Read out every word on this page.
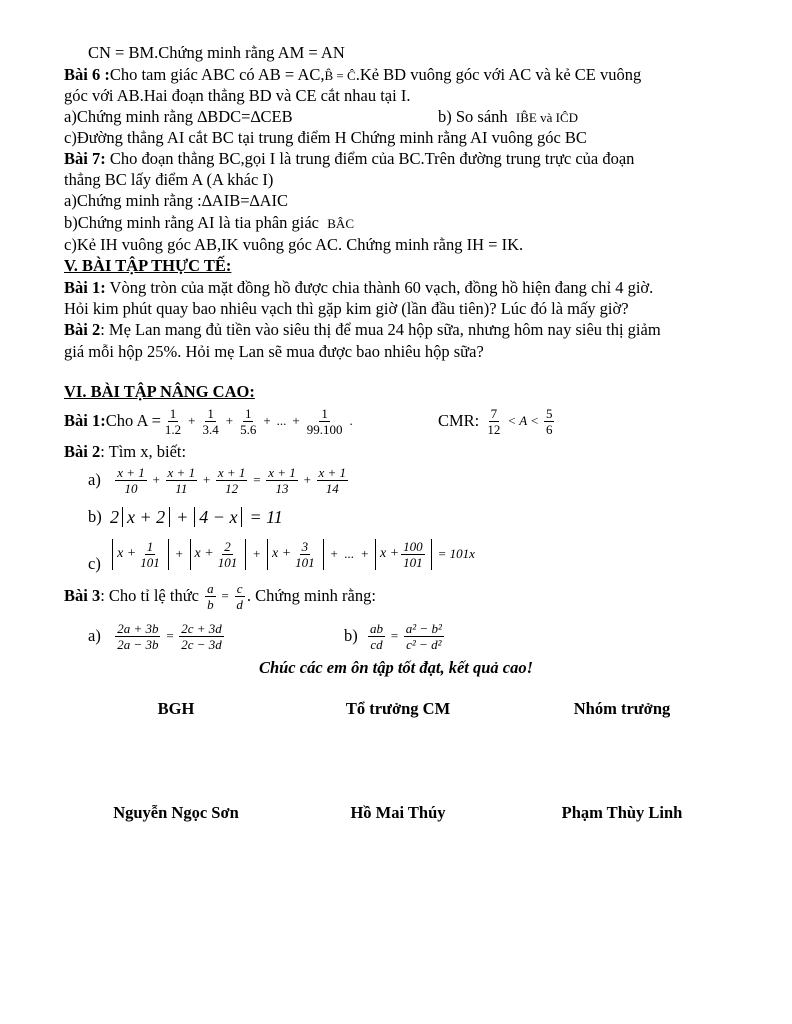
CN = BM.Chứng minh rằng AM = AN
Bài 6 :Cho tam giác ABC có AB = AC,B̂ = Ĉ.Kẻ BD vuông góc với AC và kẻ CE vuông
góc với AB.Hai đoạn thẳng BD và CE cắt nhau tại I.
a)Chứng minh rằng ∆BDC=∆CEB	b) So sánh IB̂E và IĈD
c)Đường thẳng AI cắt BC tại trung điểm H Chứng minh rằng AI vuông góc BC
Bài 7: Cho đoạn thẳng BC,gọi I là trung điểm của BC.Trên đường trung trực của đoạn
thẳng BC lấy điểm A (A khác I)
a)Chứng minh rằng :∆AIB=∆AIC
b)Chứng minh rằng AI là tia phân giác BÂC
c)Kẻ IH vuông góc AB,IK vuông góc AC. Chứng minh rằng IH = IK.
V. BÀI TẬP THỰC TẾ:
Bài 1: Vòng tròn của mặt đồng hồ được chia thành 60 vạch, đồng hồ hiện đang chỉ 4 giờ.
Hỏi kim phút quay bao nhiêu vạch thì gặp kim giờ (lần đầu tiên)? Lúc đó là mấy giờ?
Bài 2: Mẹ Lan mang đủ tiền vào siêu thị để mua 24 hộp sữa, nhưng hôm nay siêu thị giảm
giá mỗi hộp 25%. Hỏi mẹ Lan sẽ mua được bao nhiêu hộp sữa?
VI. BÀI TẬP NÂNG CAO:
Bài 1: Cho A = 1
1.2
+ $\frac{1}{3.4} + \frac{1}{5.6}$ + ... + $\frac{1}{99.100}$ .	CMR:
7
12
< A < 5
6
Bài 2: Tìm x, biết:
a)
x + 1
10
+ $\frac{x + 1}{11} + \frac{x + 1}{12} = \frac{x + 1}{13} + \frac{x + 1}{14}$
b)
2 x + 2 + 4 − x = 11
c)

$x + \frac{1}{101} + x + \frac{2}{101} + x + \frac{3}{101}$ + ... + $x + \frac{100}{101} = 101x$
Bài 3 : Cho tỉ lệ thức
$\frac{a}{b} = \frac{c}{d}$ . Chứng minh rằng:
a)
$\frac{2a + 3b}{2a - 3b} = \frac{2c + 3d}{2c - 3d}$	b)
$\frac{ab}{cd} = \frac{\text{a² − b²}}{\text{c² − d²}}$
Chúc các em ôn tập tốt đạt, kết quả cao!
BGH	Tổ trưởng CM	Nhóm trưởng
Nguyễn Ngọc Sơn	Hồ Mai Thúy	Phạm Thùy Linh
